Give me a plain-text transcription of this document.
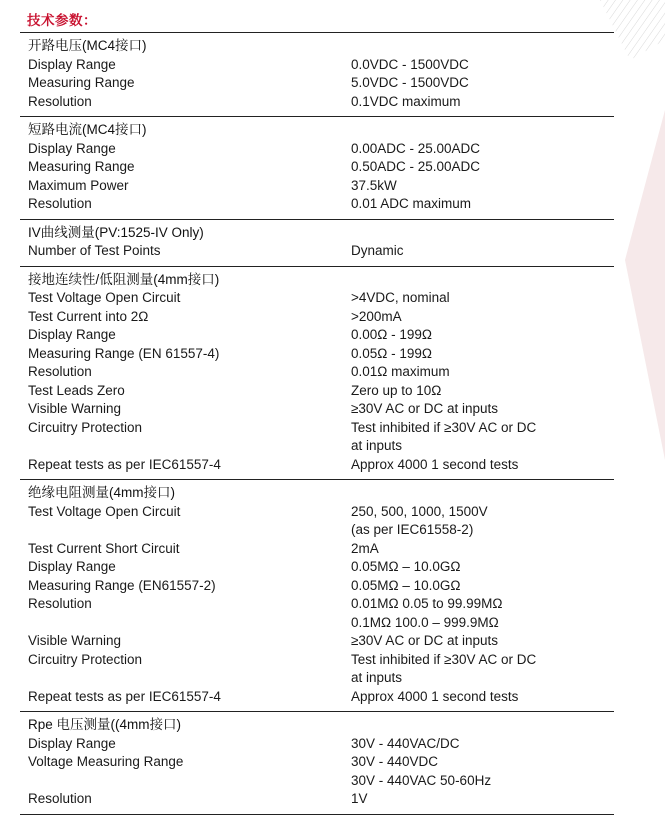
技术参数：
开路电压(MC4接口)
Display Range	0.0VDC - 1500VDC
Measuring Range	5.0VDC - 1500VDC
Resolution	0.1VDC maximum
短路电流(MC4接口)
Display Range	0.00ADC - 25.00ADC
Measuring Range	0.50ADC - 25.00ADC
Maximum Power	37.5kW
Resolution	0.01 ADC maximum
IV曲线测量(PV:1525-IV Only)
Number of Test Points	Dynamic
接地连续性/低阻测量(4mm接口)
Test Voltage Open Circuit	>4VDC, nominal
Test Current into 2Ω	>200mA
Display Range	0.00Ω - 199Ω
Measuring Range (EN 61557-4)	0.05Ω - 199Ω
Resolution	0.01Ω maximum
Test Leads Zero	Zero up to 10Ω
Visible Warning	≥30V AC or DC at inputs
Circuitry Protection	Test inhibited if ≥30V AC or DC
at inputs
Repeat tests as per IEC61557-4	Approx 4000 1 second tests
绝缘电阻测量(4mm接口)
Test Voltage Open Circuit	250, 500, 1000, 1500V
(as per IEC61558-2)
Test Current Short Circuit	2mA
Display Range	0.05MΩ – 10.0GΩ
Measuring Range (EN61557-2)	0.05MΩ – 10.0GΩ
Resolution	0.01MΩ 0.05 to 99.99MΩ
0.1MΩ 100.0 – 999.9MΩ
Visible Warning	≥30V AC or DC at inputs
Circuitry Protection	Test inhibited if ≥30V AC or DC
at inputs
Repeat tests as per IEC61557-4	Approx 4000 1 second tests
Rpe 电压测量((4mm接口)
Display Range	30V - 440VAC/DC
Voltage Measuring Range	30V - 440VDC
30V - 440VAC 50-60Hz
Resolution	1V
